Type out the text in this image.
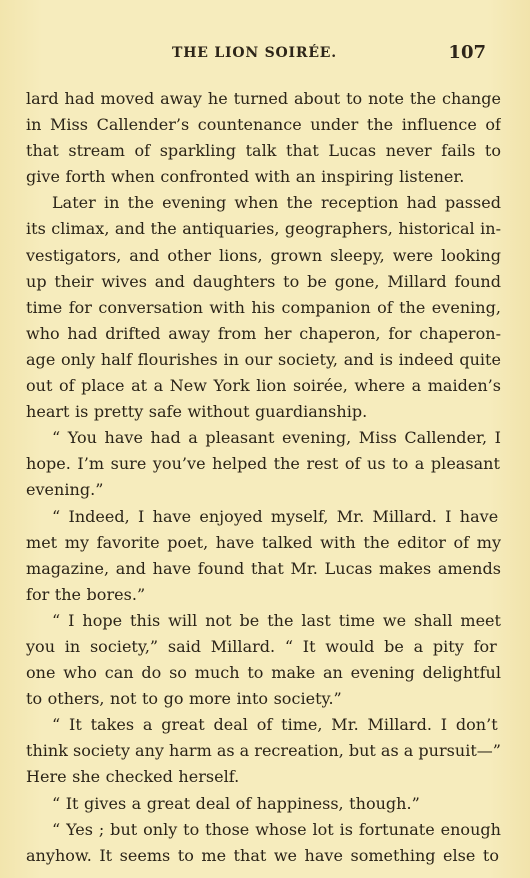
THE LION SOIRÉE.	107
lard had moved away he turned about to note the change
in Miss Callender’s countenance under the influence of
that stream of sparkling talk that Lucas never fails to
give forth when confronted with an inspiring listener.
Later in the evening when the reception had passed
its climax, and the antiquaries, geographers, historical in-
vestigators, and other lions, grown sleepy, were looking
up their wives and daughters to be gone, Millard found
time for conversation with his companion of the evening,
who had drifted away from her chaperon, for chaperon-
age only half flourishes in our society, and is indeed quite
out of place at a New York lion soirée, where a maiden’s
heart is pretty safe without guardianship.
“ You have had a pleasant evening, Miss Callender, I
hope. I’m sure you’ve helped the rest of us to a pleasant
evening.”
“ Indeed, I have enjoyed myself, Mr. Millard. I have
met my favorite poet, have talked with the editor of my
magazine, and have found that Mr. Lucas makes amends
for the bores.”
“ I hope this will not be the last time we shall meet
you in society,” said Millard. “ It would be a pity for
one who can do so much to make an evening delightful
to others, not to go more into society.”
“ It takes a great deal of time, Mr. Millard. I don’t
think society any harm as a recreation, but as a pursuit—”
Here she checked herself.
“ It gives a great deal of happiness, though.”
“ Yes ; but only to those whose lot is fortunate enough
anyhow. It seems to me that we have something else to
